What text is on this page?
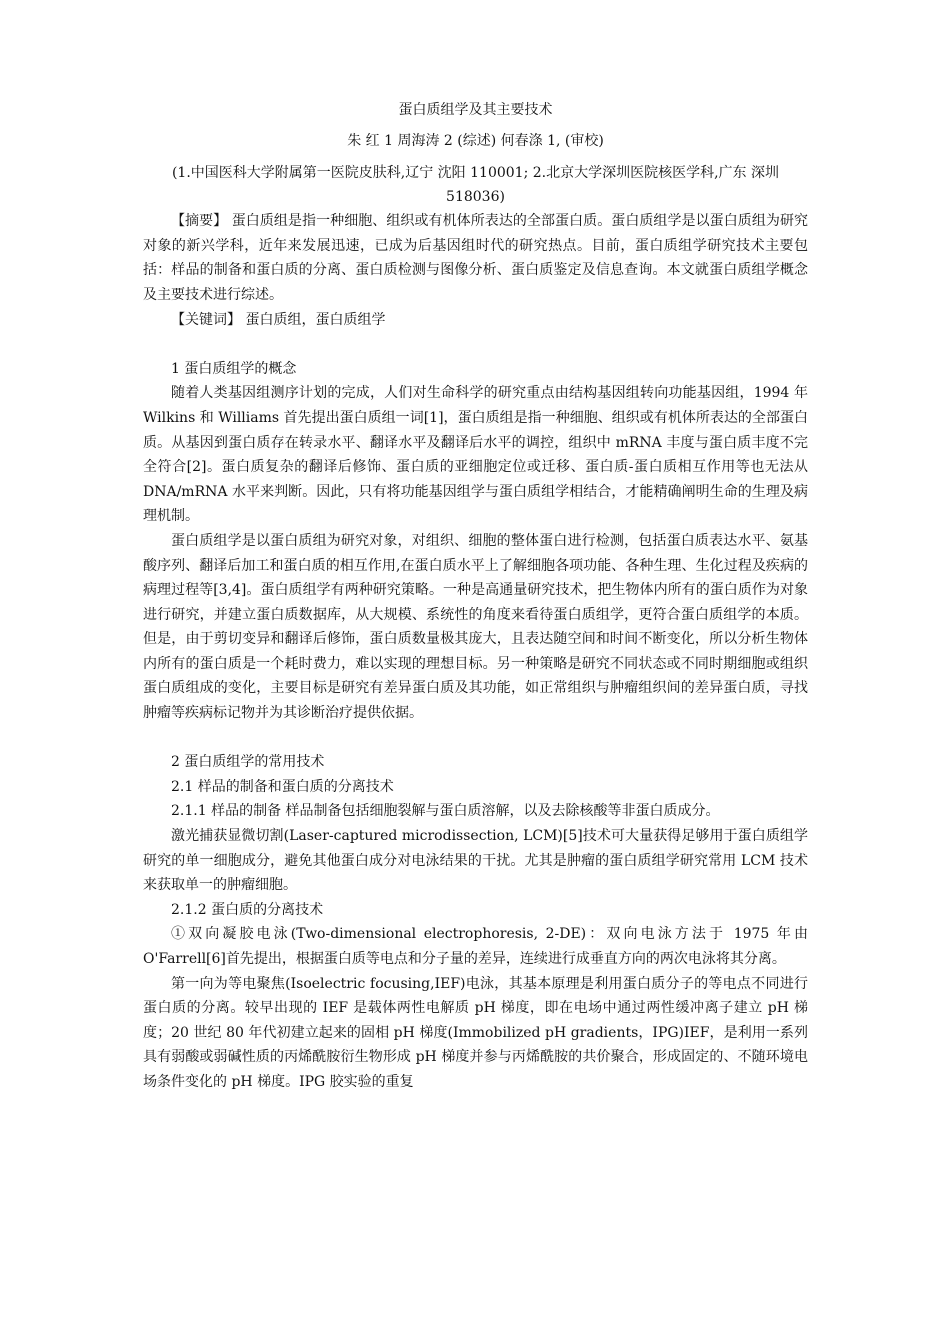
蛋白质组学及其主要技术

朱 红 1 周海涛 2 (综述) 何春涤 1, (审校)

(1.中国医科大学附属第一医院皮肤科,辽宁 沈阳 110001; 2.北京大学深圳医院核医学科,广东 深圳 518036)

【摘要】 蛋白质组是指一种细胞、组织或有机体所表达的全部蛋白质。蛋白质组学是以蛋白质组为研究对象的新兴学科，近年来发展迅速，已成为后基因组时代的研究热点。目前，蛋白质组学研究技术主要包括：样品的制备和蛋白质的分离、蛋白质检测与图像分析、蛋白质鉴定及信息查询。本文就蛋白质组学概念及主要技术进行综述。

【关键词】 蛋白质组，蛋白质组学

1 蛋白质组学的概念

随着人类基因组测序计划的完成，人们对生命科学的研究重点由结构基因组转向功能基因组，1994 年 Wilkins 和 Williams 首先提出蛋白质组一词[1]，蛋白质组是指一种细胞、组织或有机体所表达的全部蛋白质。从基因到蛋白质存在转录水平、翻译水平及翻译后水平的调控，组织中 mRNA 丰度与蛋白质丰度不完全符合[2]。蛋白质复杂的翻译后修饰、蛋白质的亚细胞定位或迁移、蛋白质-蛋白质相互作用等也无法从 DNA/mRNA 水平来判断。因此，只有将功能基因组学与蛋白质组学相结合，才能精确阐明生命的生理及病理机制。

蛋白质组学是以蛋白质组为研究对象，对组织、细胞的整体蛋白进行检测，包括蛋白质表达水平、氨基酸序列、翻译后加工和蛋白质的相互作用,在蛋白质水平上了解细胞各项功能、各种生理、生化过程及疾病的病理过程等[3,4]。蛋白质组学有两种研究策略。一种是高通量研究技术，把生物体内所有的蛋白质作为对象进行研究，并建立蛋白质数据库，从大规模、系统性的角度来看待蛋白质组学，更符合蛋白质组学的本质。但是，由于剪切变异和翻译后修饰，蛋白质数量极其庞大，且表达随空间和时间不断变化，所以分析生物体内所有的蛋白质是一个耗时费力，难以实现的理想目标。另一种策略是研究不同状态或不同时期细胞或组织蛋白质组成的变化，主要目标是研究有差异蛋白质及其功能，如正常组织与肿瘤组织间的差异蛋白质，寻找肿瘤等疾病标记物并为其诊断治疗提供依据。

2 蛋白质组学的常用技术

2.1 样品的制备和蛋白质的分离技术

2.1.1 样品的制备 样品制备包括细胞裂解与蛋白质溶解，以及去除核酸等非蛋白质成分。

激光捕获显微切割(Laser-captured microdissection, LCM)[5]技术可大量获得足够用于蛋白质组学研究的单一细胞成分，避免其他蛋白成分对电泳结果的干扰。尤其是肿瘤的蛋白质组学研究常用 LCM 技术来获取单一的肿瘤细胞。

2.1.2 蛋白质的分离技术

①双向凝胶电泳(Two-dimensional electrophoresis, 2-DE)：双向电泳方法于 1975 年由 O'Farrell[6]首先提出，根据蛋白质等电点和分子量的差异，连续进行成垂直方向的两次电泳将其分离。

第一向为等电聚焦(Isoelectric focusing,IEF)电泳，其基本原理是利用蛋白质分子的等电点不同进行蛋白质的分离。较早出现的 IEF 是载体两性电解质 pH 梯度，即在电场中通过两性缓冲离子建立 pH 梯度；20 世纪 80 年代初建立起来的固相 pH 梯度(Immobilized pH gradients，IPG)IEF，是利用一系列具有弱酸或弱碱性质的丙烯酰胺衍生物形成 pH 梯度并参与丙烯酰胺的共价聚合，形成固定的、不随环境电场条件变化的 pH 梯度。IPG 胶实验的重复
